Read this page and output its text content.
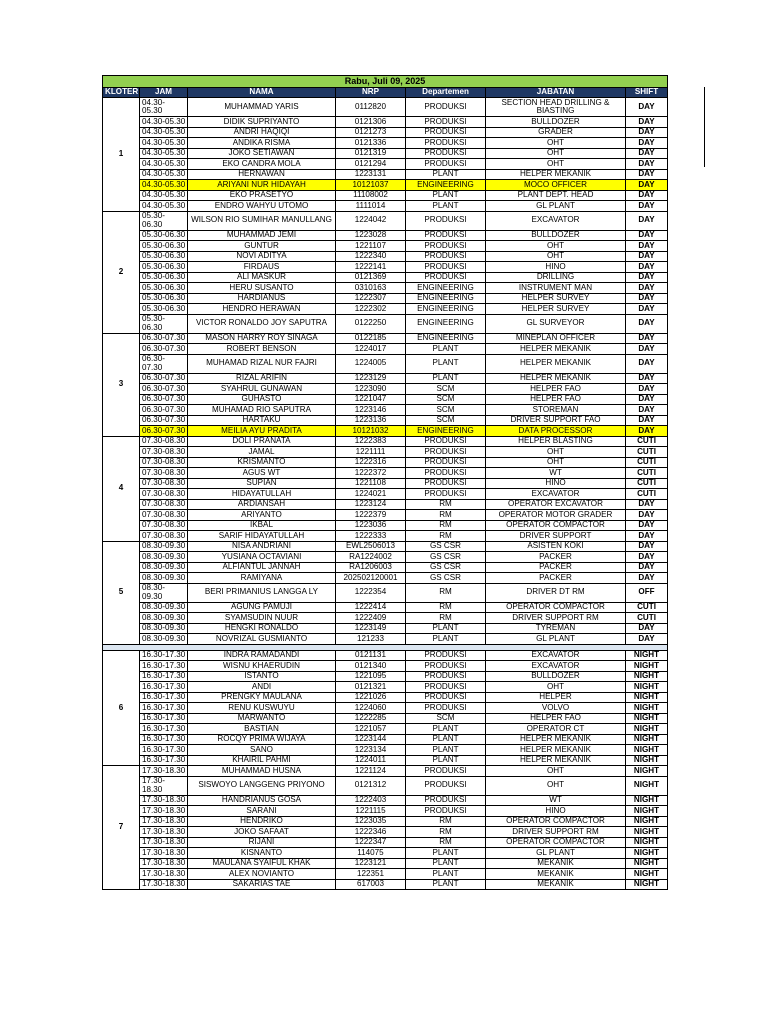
Rabu, Juli 09, 2025						
KLOTER	JAM	NAMA	NRP	Departemen	JABATAN	SHIFT
1	04.30-05.30	MUHAMMAD YARIS	0112820	PRODUKSI	SECTION HEAD DRILLING & BIASTING	DAY
	04.30-05.30	DIDIK SUPRIYANTO	0121306	PRODUKSI	BULLDOZER	DAY
	04.30-05.30	ANDRI HAQIQI	0121273	PRODUKSI	GRADER	DAY
	04.30-05.30	ANDIKA RISMA	0121336	PRODUKSI	OHT	DAY
	04.30-05.30	JOKO SETIAWAN	0121319	PRODUKSI	OHT	DAY
	04.30-05.30	EKO CANDRA MOLA	0121294	PRODUKSI	OHT	DAY
	04.30-05.30	HERNAWAN	1223131	PLANT	HELPER MEKANIK	DAY
	04.30-05.30	ARIYANI NUR HIDAYAH	10121037	ENGINEERING	MOCO OFFICER	DAY
	04.30-05.30	EKO PRASETYO	11108002	PLANT	PLANT DEPT. HEAD	DAY
	04.30-05.30	ENDRO WAHYU UTOMO	1111014	PLANT	GL PLANT	DAY
2	05.30-06.30	WILSON RIO SUMIHAR MANULLANG	1224042	PRODUKSI	EXCAVATOR	DAY
	05.30-06.30	MUHAMMAD JEMI	1223028	PRODUKSI	BULLDOZER	DAY
	05.30-06.30	GUNTUR	1221107	PRODUKSI	OHT	DAY
	05.30-06.30	NOVI ADITYA	1222340	PRODUKSI	OHT	DAY
	05.30-06.30	FIRDAUS	1222141	PRODUKSI	HINO	DAY
	05.30-06.30	ALI MASKUR	0121369	PRODUKSI	DRILLING	DAY
	05.30-06.30	HERU SUSANTO	0310163	ENGINEERING	INSTRUMENT MAN	DAY
	05.30-06.30	HARDIANUS	1222307	ENGINEERING	HELPER SURVEY	DAY
	05.30-06.30	HENDRO HERAWAN	1222302	ENGINEERING	HELPER SURVEY	DAY
	05.30-06.30	VICTOR RONALDO JOY SAPUTRA	0122250	ENGINEERING	GL SURVEYOR	DAY
3	06.30-07.30	MASON HARRY ROY SINAGA	0122185	ENGINEERING	MINEPLAN OFFICER	DAY
	06.30-07.30	ROBERT BENSON	1224017	PLANT	HELPER MEKANIK	DAY
	06.30-07.30	MUHAMAD RIZAL NUR FAJRI	1224005	PLANT	HELPER MEKANIK	DAY
	06.30-07.30	RIZAL ARIFIN	1223129	PLANT	HELPER MEKANIK	DAY
	06.30-07.30	SYAHRUL GUNAWAN	1223090	SCM	HELPER FAO	DAY
	06.30-07.30	GUHASTO	1221047	SCM	HELPER FAO	DAY
	06.30-07.30	MUHAMAD RIO SAPUTRA	1223146	SCM	STOREMAN	DAY
	06.30-07.30	HARTAKU	1223136	SCM	DRIVER SUPPORT FAO	DAY
	06.30-07.30	MEILIA AYU PRADITA	10121032	ENGINEERING	DATA PROCESSOR	DAY
4	07.30-08.30	DOLI PRANATA	1222383	PRODUKSI	HELPER BLASTING	CUTI
	07.30-08.30	JAMAL	1221111	PRODUKSI	OHT	CUTI
	07.30-08.30	KRISMANTO	1222316	PRODUKSI	OHT	CUTI
	07.30-08.30	AGUS WT	1222372	PRODUKSI	WT	CUTI
	07.30-08.30	SUPIAN	1221108	PRODUKSI	HINO	CUTI
	07.30-08.30	HIDAYATULLAH	1224021	PRODUKSI	EXCAVATOR	CUTI
	07.30-08.30	ARDIANSAH	1223124	RM	OPERATOR EXCAVATOR	DAY
	07.30-08.30	ARIYANTO	1222379	RM	OPERATOR MOTOR GRADER	DAY
	07.30-08.30	IKBAL	1223036	RM	OPERATOR COMPACTOR	DAY
	07.30-08.30	SARIF HIDAYATULLAH	1222333	RM	DRIVER SUPPORT	DAY
5	08.30-09.30	NISA ANDRIANI	EWL2506013	GS CSR	ASISTEN KOKI	DAY
	08.30-09.30	YUSIANA OCTAVIANI	RA1224002	GS CSR	PACKER	DAY
	08.30-09.30	ALFIANTUL JANNAH	RA1206003	GS CSR	PACKER	DAY
	08.30-09.30	RAMIYANA	202502120001	GS CSR	PACKER	DAY
	08.30-09.30	BERI PRIMANIUS LANGGA LY	1222354	RM	DRIVER DT RM	OFF
	08.30-09.30	AGUNG PAMUJI	1222414	RM	OPERATOR COMPACTOR	CUTI
	08.30-09.30	SYAMSUDIN NUUR	1222409	RM	DRIVER SUPPORT RM	CUTI
	08.30-09.30	HENGKI RONALDO	1223149	PLANT	TYREMAN	DAY
	08.30-09.30	NOVRIZAL GUSMIANTO	121233	PLANT	GL PLANT	DAY

6	16.30-17.30	INDRA RAMADANDI	0121131	PRODUKSI	EXCAVATOR	NIGHT
	16.30-17.30	WISNU KHAERUDIN	0121340	PRODUKSI	EXCAVATOR	NIGHT
	16.30-17.30	ISTANTO	1221095	PRODUKSI	BULLDOZER	NIGHT
	16.30-17.30	ANDI	0121321	PRODUKSI	OHT	NIGHT
	16.30-17.30	PRENGKY MAULANA	1221026	PRODUKSI	HELPER	NIGHT
	16.30-17.30	RENU KUSWUYU	1224060	PRODUKSI	VOLVO	NIGHT
	16.30-17.30	MARWANTO	1222285	SCM	HELPER FAO	NIGHT
	16.30-17.30	BASTIAN	1221057	PLANT	OPERATOR CT	NIGHT
	16.30-17.30	ROCQY PRIMA WIJAYA	1223144	PLANT	HELPER MEKANIK	NIGHT
	16.30-17.30	SANO	1223134	PLANT	HELPER MEKANIK	NIGHT
	16.30-17.30	KHAIRIL PAHMI	1224011	PLANT	HELPER MEKANIK	NIGHT
7	17.30-18.30	MUHAMMAD HUSNA	1221124	PRODUKSI	OHT	NIGHT
	17.30-18.30	SISWOYO LANGGENG PRIYONO	0121312	PRODUKSI	OHT	NIGHT
	17.30-18.30	HANDRIANUS GOSA	1222403	PRODUKSI	WT	NIGHT
	17.30-18.30	SARANI	1221115	PRODUKSI	HINO	NIGHT
	17.30-18.30	HENDRIKO	1223035	RM	OPERATOR COMPACTOR	NIGHT
	17.30-18.30	JOKO SAFAAT	1222346	RM	DRIVER SUPPORT RM	NIGHT
	17.30-18.30	RIJANI	1222347	RM	OPERATOR COMPACTOR	NIGHT
	17.30-18.30	KISNANTO	114075	PLANT	GL PLANT	NIGHT
	17.30-18.30	MAULANA SYAIFUL KHAK	1223121	PLANT	MEKANIK	NIGHT
	17.30-18.30	ALEX NOVIANTO	122351	PLANT	MEKANIK	NIGHT
	17.30-18.30	SAKARIAS TAE	617003	PLANT	MEKANIK	NIGHT
